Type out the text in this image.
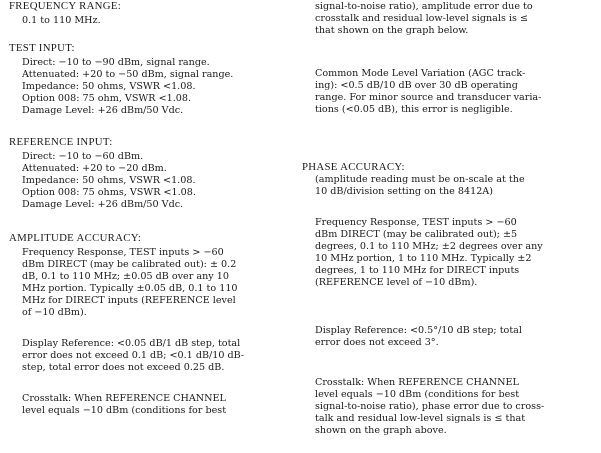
FREQUENCY RANGE:
0.1 to 110 MHz.
TEST INPUT:
Direct: −10 to −90 dBm, signal range.
Attenuated: +20 to −50 dBm, signal range.
Impedance: 50 ohms, VSWR <1.08.
Option 008: 75 ohm, VSWR <1.08.
Damage Level: +26 dBm/50 Vdc.
REFERENCE INPUT:
Direct: −10 to −60 dBm.
Attenuated: +20 to −20 dBm.
Impedance: 50 ohms, VSWR <1.08.
Option 008: 75 ohms, VSWR <1.08.
Damage Level: +26 dBm/50 Vdc.
AMPLITUDE ACCURACY:
Frequency Response, TEST inputs > −60
dBm DIRECT (may be calibrated out): ± 0.2
dB, 0.1 to 110 MHz; ±0.05 dB over any 10
MHz portion. Typically ±0.05 dB, 0.1 to 110
MHz for DIRECT inputs (REFERENCE level
of −10 dBm).
Display Reference: <0.05 dB/1 dB step, total
error does not exceed 0.1 dB; <0.1 dB/10 dB-
step, total error does not exceed 0.25 dB.
Crosstalk: When REFERENCE CHANNEL
level equals −10 dBm (conditions for best
signal-to-noise ratio), amplitude error due to
crosstalk and residual low-level signals is ≤
that shown on the graph below.
Common Mode Level Variation (AGC track-
ing): <0.5 dB/10 dB over 30 dB operating
range. For minor source and transducer varia-
tions (<0.05 dB), this error is negligible.
PHASE ACCURACY:
(amplitude reading must be on-scale at the
10 dB/division setting on the 8412A)
Frequency Response, TEST inputs > −60
dBm DIRECT (may be calibrated out); ±5
degrees, 0.1 to 110 MHz; ±2 degrees over any
10 MHz portion, 1 to 110 MHz. Typically ±2
degrees, 1 to 110 MHz for DIRECT inputs
(REFERENCE level of −10 dBm).
Display Reference: <0.5°/10 dB step; total
error does not exceed 3°.
Crosstalk: When REFERENCE CHANNEL
level equals −10 dBm (conditions for best
signal-to-noise ratio), phase error due to cross-
talk and residual low-level signals is ≤ that
shown on the graph above.
